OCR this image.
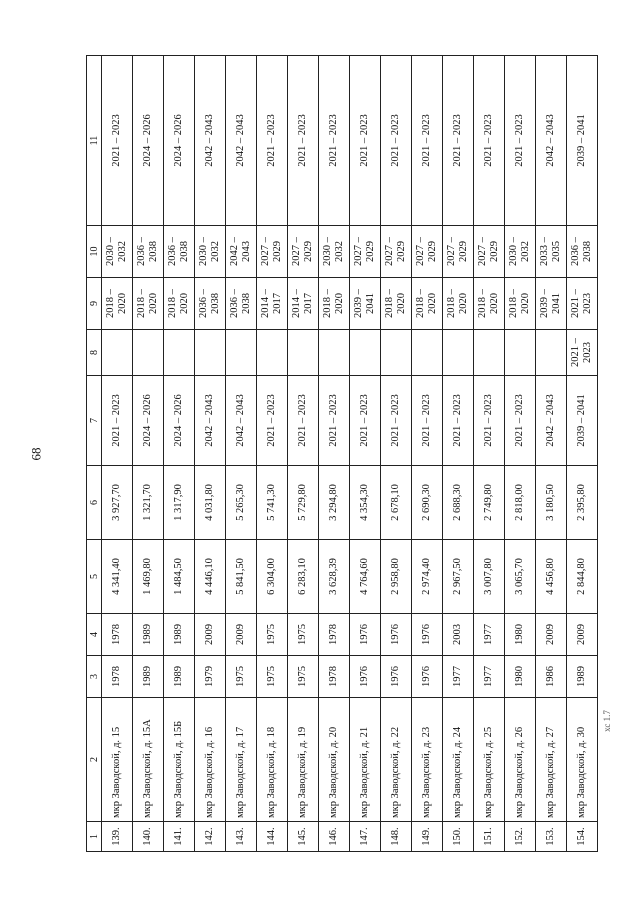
68
хс 1.7
1	2	3	4	5	6	7	8	9	10	11
139.	мкр Заводской, д. 15	1978	1978	4 341,40	3 927,70	2021 – 2023		2018 – 2020	2030 – 2032	2021 – 2023
140.	мкр Заводской, д. 15А	1989	1989	1 469,80	1 321,70	2024 – 2026		2018 – 2020	2036 – 2038	2024 – 2026
141.	мкр Заводской, д. 15Б	1989	1989	1 484,50	1 317,90	2024 – 2026		2018 – 2020	2036 – 2038	2024 – 2026
142.	мкр Заводской, д. 16	1979	2009	4 446,10	4 031,80	2042 – 2043		2036 – 2038	2030 – 2032	2042 – 2043
143.	мкр Заводской, д. 17	1975	2009	5 841,50	5 265,30	2042 – 2043		2036 – 2038	2042 – 2043	2042 – 2043
144.	мкр Заводской, д. 18	1975	1975	6 304,00	5 741,30	2021 – 2023		2014 – 2017	2027 – 2029	2021 – 2023
145.	мкр Заводской, д. 19	1975	1975	6 283,10	5 729,80	2021 – 2023		2014 – 2017	2027 – 2029	2021 – 2023
146.	мкр Заводской, д. 20	1978	1978	3 628,39	3 294,80	2021 – 2023		2018 – 2020	2030 – 2032	2021 – 2023
147.	мкр Заводской, д. 21	1976	1976	4 764,60	4 354,30	2021 – 2023		2039 – 2041	2027 – 2029	2021 – 2023
148.	мкр Заводской, д. 22	1976	1976	2 958,80	2 678,10	2021 – 2023		2018 – 2020	2027 – 2029	2021 – 2023
149.	мкр Заводской, д. 23	1976	1976	2 974,40	2 690,30	2021 – 2023		2018 – 2020	2027 – 2029	2021 – 2023
150.	мкр Заводской, д. 24	1977	2003	2 967,50	2 688,30	2021 – 2023		2018 – 2020	2027 – 2029	2021 – 2023
151.	мкр Заводской, д. 25	1977	1977	3 007,80	2 749,80	2021 – 2023		2018 – 2020	2027 – 2029	2021 – 2023
152.	мкр Заводской, д. 26	1980	1980	3 065,70	2 818,00	2021 – 2023		2018 – 2020	2030 – 2032	2021 – 2023
153.	мкр Заводской, д. 27	1986	2009	4 456,80	3 180,50	2042 – 2043		2039 – 2041	2033 – 2035	2042 – 2043
154.	мкр Заводской, д. 30	1989	2009	2 844,80	2 395,80	2039 – 2041	2021 – 2023	2021 – 2023	2036 – 2038	2039 – 2041
